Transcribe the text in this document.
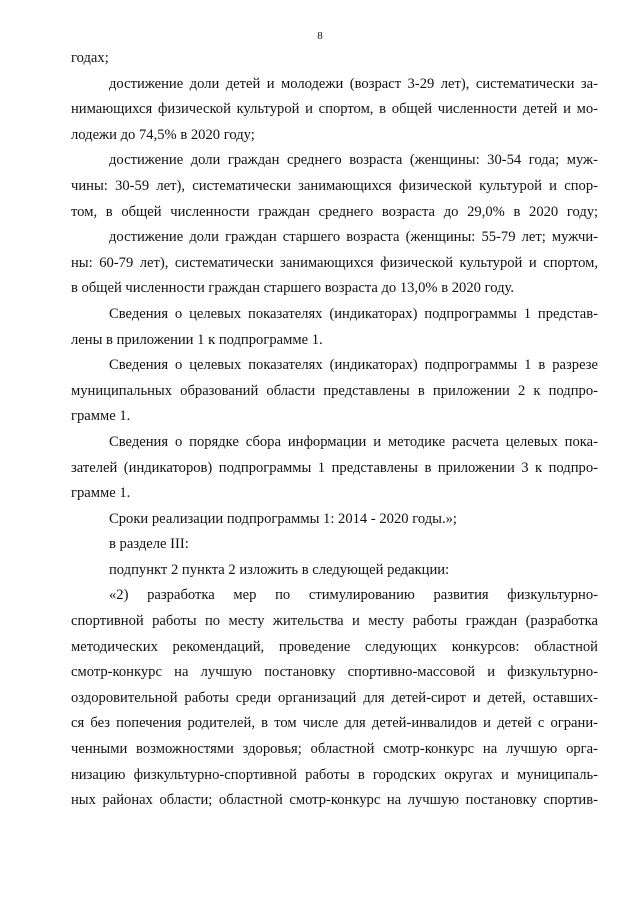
8
годах;
достижение доли детей и молодежи (возраст 3-29 лет), систематически за-
нимающихся физической культурой и спортом, в общей численности детей и мо-
лодежи до 74,5% в 2020 году;
достижение доли граждан среднего возраста (женщины: 30-54 года; муж-
чины: 30-59 лет), систематически занимающихся физической культурой и спор-
том, в общей численности граждан среднего возраста до 29,0% в 2020 году;
достижение доли граждан старшего возраста (женщины: 55-79 лет; мужчи-
ны: 60-79 лет), систематически занимающихся физической культурой и спортом,
в общей численности граждан старшего возраста до 13,0% в 2020 году.
Сведения о целевых показателях (индикаторах) подпрограммы 1 представ-
лены в приложении 1 к подпрограмме 1.
Сведения о целевых показателях (индикаторах) подпрограммы 1 в разрезе
муниципальных образований области представлены в приложении 2 к подпро-
грамме 1.
Сведения о порядке сбора информации и методике расчета целевых пока-
зателей (индикаторов) подпрограммы 1 представлены в приложении 3 к подпро-
грамме 1.
Сроки реализации подпрограммы 1: 2014 - 2020 годы.»;
в разделе III:
подпункт 2 пункта 2 изложить в следующей редакции:
«2) разработка мер по стимулированию развития физкультурно-
спортивной работы по месту жительства и месту работы граждан (разработка
методических рекомендаций, проведение следующих конкурсов: областной
смотр-конкурс на лучшую постановку спортивно-массовой и физкультурно-
оздоровительной работы среди организаций для детей-сирот и детей, оставших-
ся без попечения родителей, в том числе для детей-инвалидов и детей с ограни-
ченными возможностями здоровья; областной смотр-конкурс на лучшую орга-
низацию физкультурно-спортивной работы в городских округах и муниципаль-
ных районах области; областной смотр-конкурс на лучшую постановку спортив-
